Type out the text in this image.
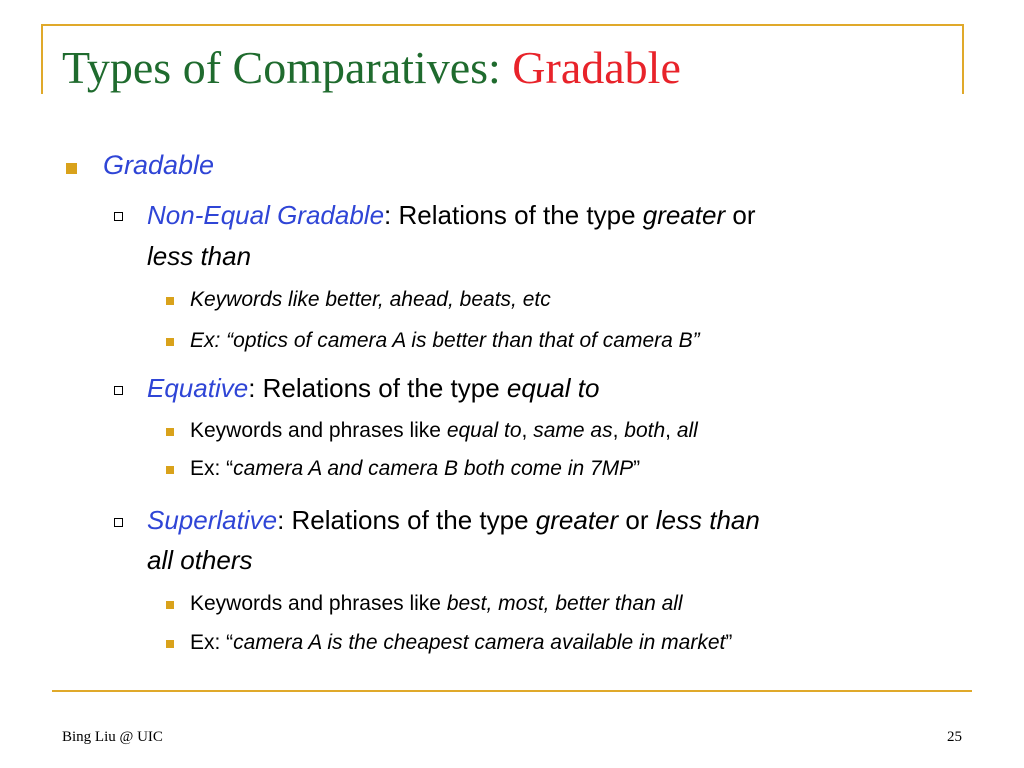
Types of Comparatives: Gradable
Gradable
Non-Equal Gradable: Relations of the type greater or
less than
Keywords like better, ahead, beats, etc
Ex: “optics of camera A is better than that of camera B”
Equative: Relations of the type equal to
Keywords and phrases like equal to, same as, both, all
Ex: “camera A and camera B both come in 7MP”
Superlative: Relations of the type greater or less than
all others
Keywords and phrases like best, most, better than all
Ex: “camera A is the cheapest camera available in market”
Bing Liu @ UIC	25
